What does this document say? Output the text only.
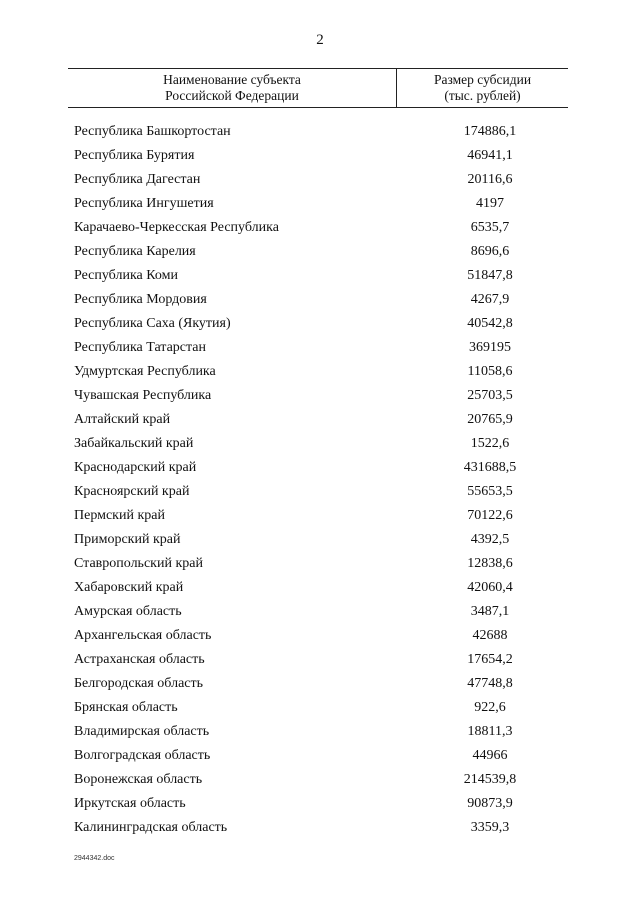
2
Наименование субъекта
Российской Федерации
Размер субсидии
(тыс. рублей)
Республика Башкортостан	174886,1
Республика Бурятия	46941,1
Республика Дагестан	20116,6
Республика Ингушетия	4197
Карачаево-Черкесская Республика	6535,7
Республика Карелия	8696,6
Республика Коми	51847,8
Республика Мордовия	4267,9
Республика Саха (Якутия)	40542,8
Республика Татарстан	369195
Удмуртская Республика	11058,6
Чувашская Республика	25703,5
Алтайский край	20765,9
Забайкальский край	1522,6
Краснодарский край	431688,5
Красноярский край	55653,5
Пермский край	70122,6
Приморский край	4392,5
Ставропольский край	12838,6
Хабаровский край	42060,4
Амурская область	3487,1
Архангельская область	42688
Астраханская область	17654,2
Белгородская область	47748,8
Брянская область	922,6
Владимирская область	18811,3
Волгоградская область	44966
Воронежская область	214539,8
Иркутская область	90873,9
Калининградская область	3359,3
2944342.doc
